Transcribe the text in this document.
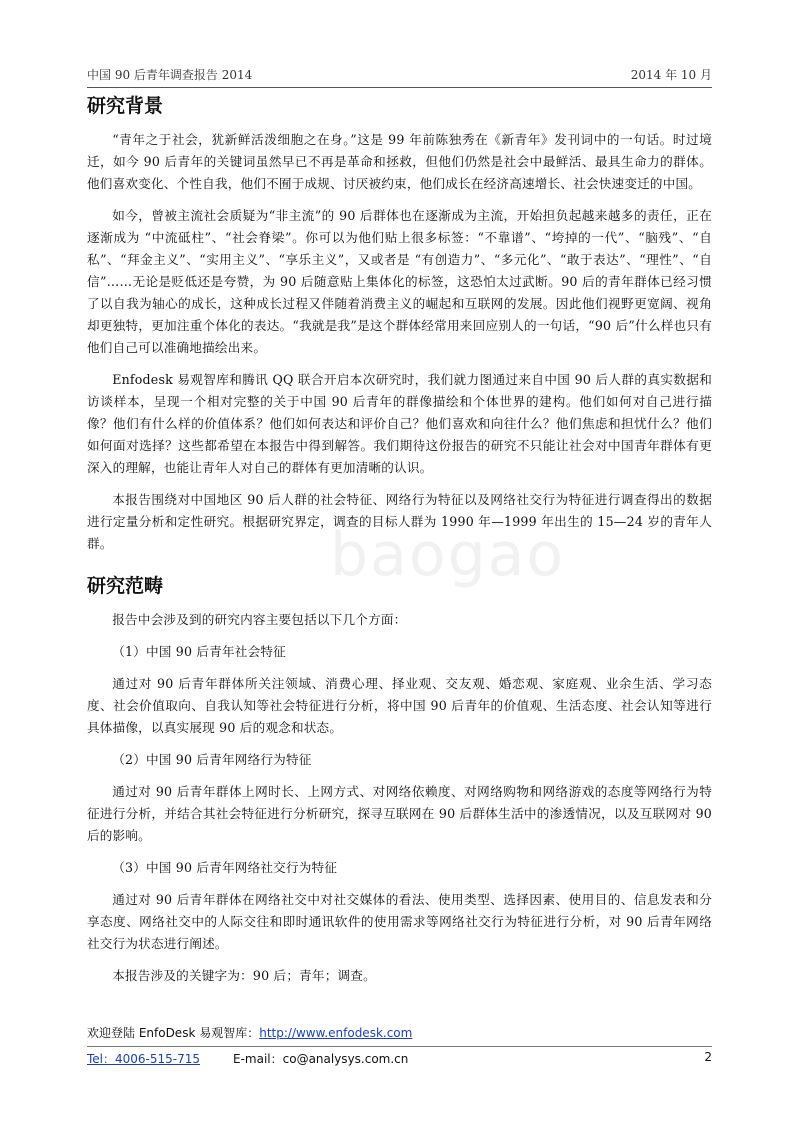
中国 90 后青年调查报告 2014	2014 年 10 月
研究背景

“青年之于社会，犹新鲜活泼细胞之在身。”这是 99 年前陈独秀在《新青年》发刊词中的一句话。时过境迁，如今 90 后青年的关键词虽然早已不再是革命和拯救，但他们仍然是社会中最鲜活、最具生命力的群体。他们喜欢变化、个性自我，他们不囿于成规、讨厌被约束，他们成长在经济高速增长、社会快速变迁的中国。

如今，曾被主流社会质疑为“非主流”的 90 后群体也在逐渐成为主流，开始担负起越来越多的责任，正在逐渐成为 “中流砥柱”、“社会脊梁”。你可以为他们贴上很多标签：“不靠谱”、“垮掉的一代”、“脑残”、“自私”、“拜金主义”、“实用主义”、“享乐主义”，又或者是 “有创造力”、“多元化”、“敢于表达”、“理性”、“自信”……无论是贬低还是夸赞，为 90 后随意贴上集体化的标签，这恐怕太过武断。90 后的青年群体已经习惯了以自我为轴心的成长，这种成长过程又伴随着消费主义的崛起和互联网的发展。因此他们视野更宽阔、视角却更独特，更加注重个体化的表达。“我就是我”是这个群体经常用来回应别人的一句话，“90 后”什么样也只有他们自己可以准确地描绘出来。

Enfodesk 易观智库和腾讯 QQ 联合开启本次研究时，我们就力图通过来自中国 90 后人群的真实数据和访谈样本，呈现一个相对完整的关于中国 90 后青年的群像描绘和个体世界的建构。他们如何对自己进行描像？他们有什么样的价值体系？他们如何表达和评价自己？他们喜欢和向往什么？他们焦虑和担忧什么？他们如何面对选择？这些都希望在本报告中得到解答。我们期待这份报告的研究不只能让社会对中国青年群体有更深入的理解，也能让青年人对自己的群体有更加清晰的认识。

本报告围绕对中国地区 90 后人群的社会特征、网络行为特征以及网络社交行为特征进行调查得出的数据进行定量分析和定性研究。根据研究界定，调查的目标人群为 1990 年—1999 年出生的 15—24 岁的青年人群。

研究范畴

报告中会涉及到的研究内容主要包括以下几个方面：

（1）中国 90 后青年社会特征

通过对 90 后青年群体所关注领域、消费心理、择业观、交友观、婚恋观、家庭观、业余生活、学习态度、社会价值取向、自我认知等社会特征进行分析，将中国 90 后青年的价值观、生活态度、社会认知等进行具体描像，以真实展现 90 后的观念和状态。

（2）中国 90 后青年网络行为特征

通过对 90 后青年群体上网时长、上网方式、对网络依赖度、对网络购物和网络游戏的态度等网络行为特征进行分析，并结合其社会特征进行分析研究，探寻互联网在 90 后群体生活中的渗透情况，以及互联网对 90 后的影响。

（3）中国 90 后青年网络社交行为特征

通过对 90 后青年群体在网络社交中对社交媒体的看法、使用类型、选择因素、使用目的、信息发表和分享态度、网络社交中的人际交往和即时通讯软件的使用需求等网络社交行为特征进行分析，对 90 后青年网络社交行为状态进行阐述。

本报告涉及的关键字为：90 后；青年；调查。

baogao
欢迎登陆 EnfoDesk 易观智库：http://www.enfodesk.com
Tel：4006-515-715	E-mail：co@analysys.com.cn	2
